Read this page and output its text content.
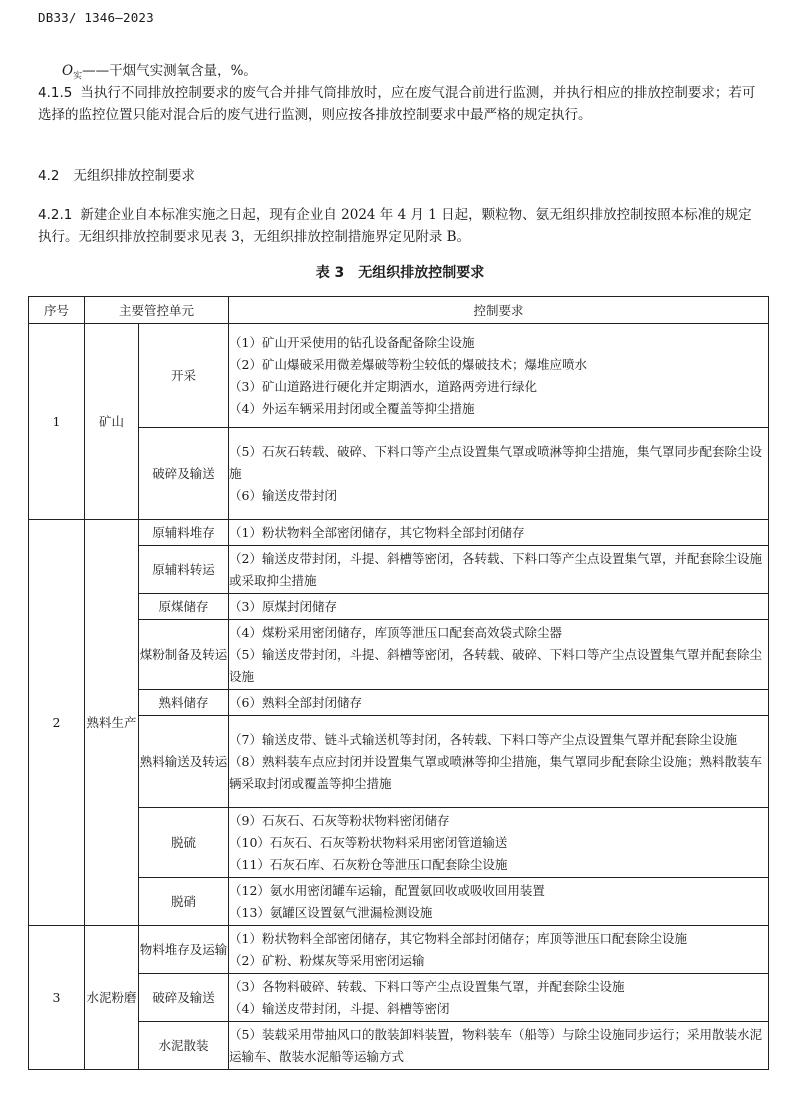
DB33/ 1346—2023

$O_实——$干烟气实测氧含量，%。

4.1.5 当执行不同排放控制要求的废气合并排气筒排放时，应在废气混合前进行监测，并执行相应的排放控制要求；若可选择的监控位置只能对混合后的废气进行监测，则应按各排放控制要求中最严格的规定执行。

4.2 无组织排放控制要求

4.2.1 新建企业自本标准实施之日起，现有企业自 2024 年 4 月 1 日起，颗粒物、氨无组织排放控制按照本标准的规定执行。无组织排放控制要求见表 3，无组织排放控制措施界定见附录 B。

表 3　无组织排放控制要求
序号	主要管控单元		控制要求
1	矿山	开采	（1）矿山开采使用的钻孔设备配备除尘设施
（2）矿山爆破采用微差爆破等粉尘较低的爆破技术；爆堆应喷水
（3）矿山道路进行硬化并定期洒水，道路两旁进行绿化
（4）外运车辆采用封闭或全覆盖等抑尘措施

		破碎及输送	（5）石灰石转载、破碎、下料口等产尘点设置集气罩或喷淋等抑尘措施，集气罩同步配套除尘设施
（6）输送皮带封闭

2	熟料生产	原辅料堆存	（1）粉状物料全部密闭储存，其它物料全部封闭储存

		原辅料转运	（2）输送皮带封闭，斗提、斜槽等密闭，各转载、下料口等产尘点设置集气罩，并配套除尘设施或采取抑尘措施

		原煤储存	（3）原煤封闭储存

		煤粉制备及转运	（4）煤粉采用密闭储存，库顶等泄压口配套高效袋式除尘器
（5）输送皮带封闭，斗提、斜槽等密闭，各转载、破碎、下料口等产尘点设置集气罩并配套除尘设施

		熟料储存	（6）熟料全部封闭储存

		熟料输送及转运	（7）输送皮带、链斗式输送机等封闭，各转载、下料口等产尘点设置集气罩并配套除尘设施
（8）熟料装车点应封闭并设置集气罩或喷淋等抑尘措施，集气罩同步配套除尘设施；熟料散装车辆采取封闭或覆盖等抑尘措施

		脱硫	（9）石灰石、石灰等粉状物料密闭储存
（10）石灰石、石灰等粉状物料采用密闭管道输送
（11）石灰石库、石灰粉仓等泄压口配套除尘设施

		脱硝	（12）氨水用密闭罐车运输，配置氨回收或吸收回用装置
（13）氨罐区设置氨气泄漏检测设施

3	水泥粉磨	物料堆存及运输	（1）粉状物料全部密闭储存，其它物料全部封闭储存；库顶等泄压口配套除尘设施
（2）矿粉、粉煤灰等采用密闭运输

		破碎及输送	（3）各物料破碎、转载、下料口等产尘点设置集气罩，并配套除尘设施
（4）输送皮带封闭，斗提、斜槽等密闭

		水泥散装	（5）装载采用带抽风口的散装卸料装置，物料装车（船等）与除尘设施同步运行；采用散装水泥运输车、散装水泥船等运输方式
